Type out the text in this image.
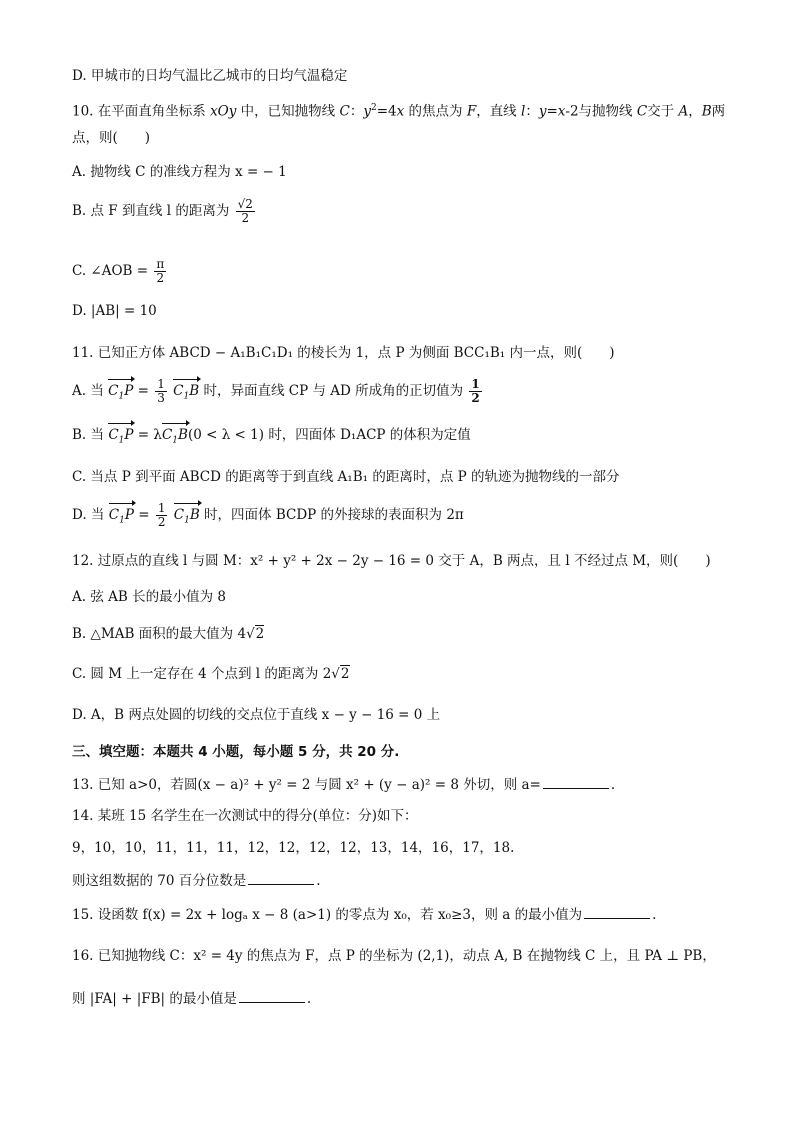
D. 甲城市的日均气温比乙城市的日均气温稳定
10. 在平面直角坐标系 xOy 中，已知抛物线 C：$y^2=4x$ 的焦点为 F，直线 l：y=x-2与抛物线 C交于 A，B两
点，则(　　)
A. 抛物线 C 的准线方程为 x = − 1
B. 点 F 到直线 l 的距离为 $\frac{√2}{2}$
C. ∠AOB = $\frac{\pi}{2}$
D. |AB| = 10
11. 已知正方体 ABCD − A₁B₁C₁D₁ 的棱长为 1，点 P 为侧面 BCC₁B₁ 内一点，则(　　)
A. 当 $C_1P = \frac{1}{3} C_1B$ 时，异面直线 CP 与 AD 所成角的正切值为 $\frac{1}{2}$
B. 当 $C_1P = \lambda C_1B(0 < \lambda < 1)$ 时，四面体 D₁ACP 的体积为定值
C. 当点 P 到平面 ABCD 的距离等于到直线 A₁B₁ 的距离时，点 P 的轨迹为抛物线的一部分
D. 当 $C_1P = \frac{1}{2} C_1B$ 时，四面体 BCDP 的外接球的表面积为 2π
12. 过原点的直线 l 与圆 M：x² + y² + 2x − 2y − 16 = 0 交于 A，B 两点，且 l 不经过点 M，则(　　)
A. 弦 AB 长的最小值为 8
B. △MAB 面积的最大值为 4√2
C. 圆 M 上一定存在 4 个点到 l 的距离为 2√2
D. A，B 两点处圆的切线的交点位于直线 x − y − 16 = 0 上
三、填空题：本题共 4 小题，每小题 5 分，共 20 分.
13. 已知 a>0，若圆(x − a)² + y² = 2 与圆 x² + (y − a)² = 8 外切，则 a=	.
14. 某班 15 名学生在一次测试中的得分(单位：分)如下：
9，10，10，11，11，11，12，12，12，12，13，14，16，17，18.
则这组数据的 70 百分位数是	.
15. 设函数 f(x) = 2x + logₐ x − 8 (a>1) 的零点为 x₀，若 x₀≥3，则 a 的最小值为	.
16. 已知抛物线 C：x² = 4y 的焦点为 F，点 P 的坐标为 (2,1)，动点 A, B 在抛物线 C 上，且 PA ⊥ PB，
则 |FA| + |FB| 的最小值是	.
